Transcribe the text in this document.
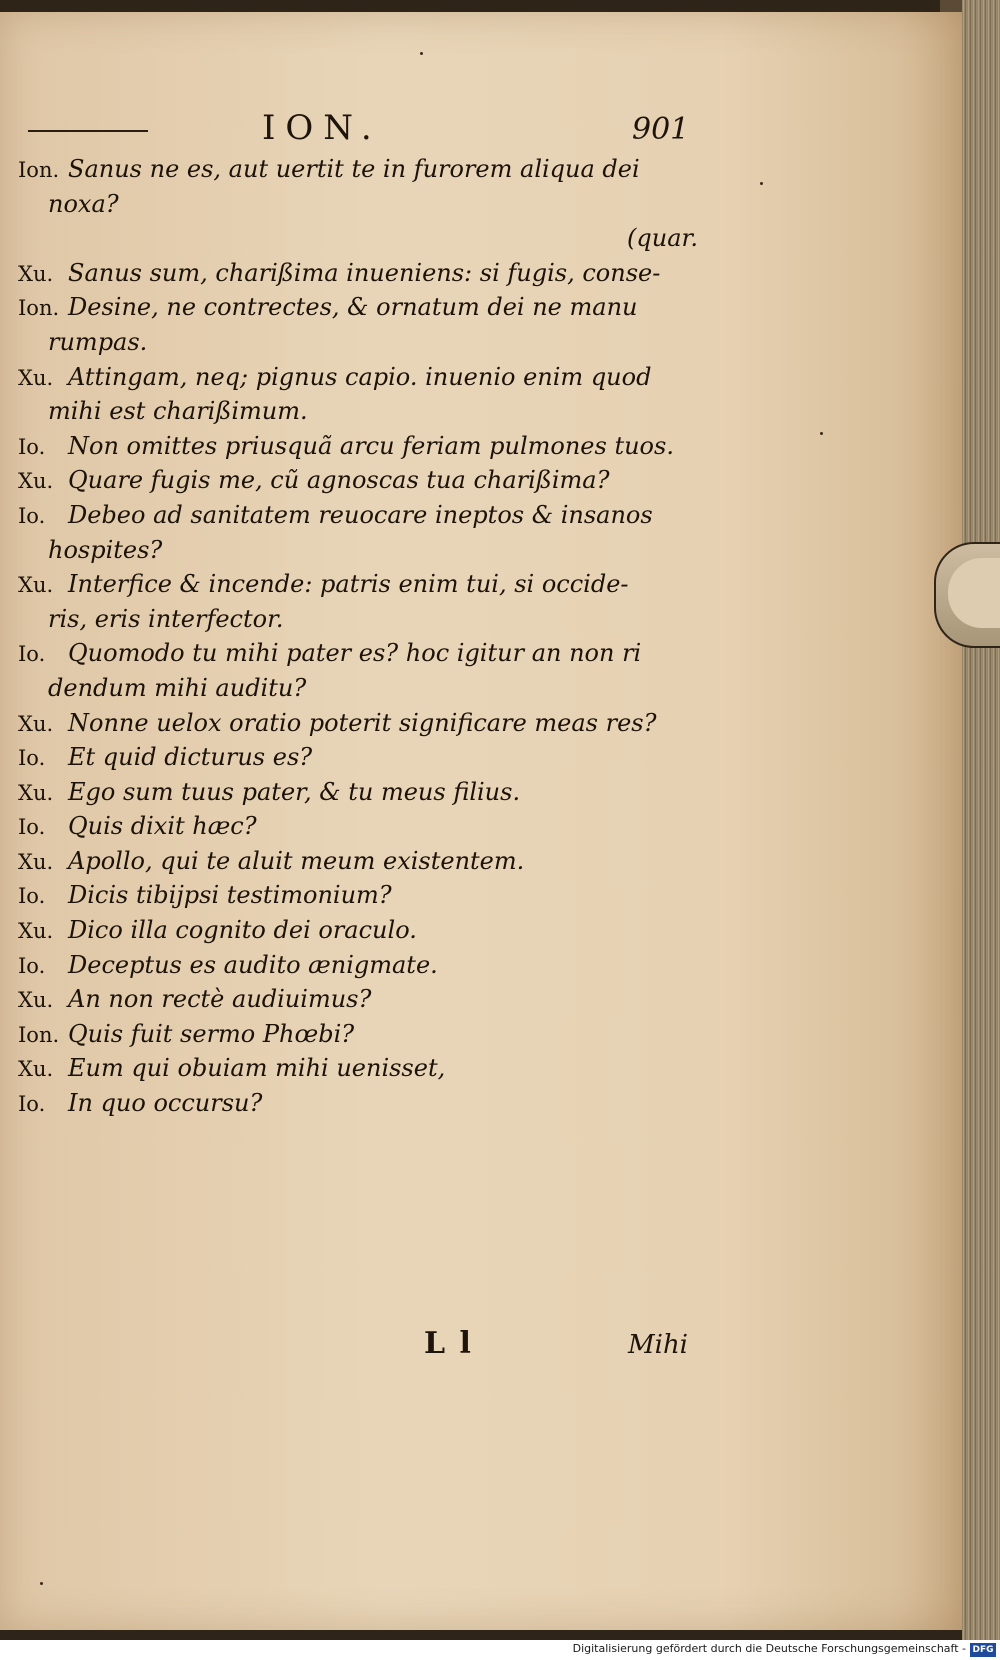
ION.	901
Ion. Sanus ne es, aut uertit te in furorem aliqua dei
noxa?
(quar.
Xu. Sanus sum, charißima inueniens: si fugis, conse-
Ion. Desine, ne contrectes, & ornatum dei ne manu
rumpas.
Xu. Attingam, neq; pignus capio. inuenio enim quod
mihi est charißimum.
Io. Non omittes priusquã arcu feriam pulmones tuos.
Xu. Quare fugis me, cũ agnoscas tua charißima?
Io. Debeo ad sanitatem reuocare ineptos & insanos
hospites?
Xu. Interfice & incende: patris enim tui, si occide-
ris, eris interfector.
Io. Quomodo tu mihi pater es? hoc igitur an non ri
dendum mihi auditu?
Xu. Nonne uelox oratio poterit significare meas res?
Io. Et quid dicturus es?
Xu. Ego sum tuus pater, & tu meus filius.
Io. Quis dixit hæc?
Xu. Apollo, qui te aluit meum existentem.
Io. Dicis tibijpsi testimonium?
Xu. Dico illa cognito dei oraculo.
Io. Deceptus es audito ænigmate.
Xu. An non rectè audiuimus?
Ion. Quis fuit sermo Phœbi?
Xu. Eum qui obuiam mihi uenisset,
Io. In quo occursu?
L l	Mihi
Digitalisierung gefördert durch die Deutsche Forschungsgemeinschaft - DFG
